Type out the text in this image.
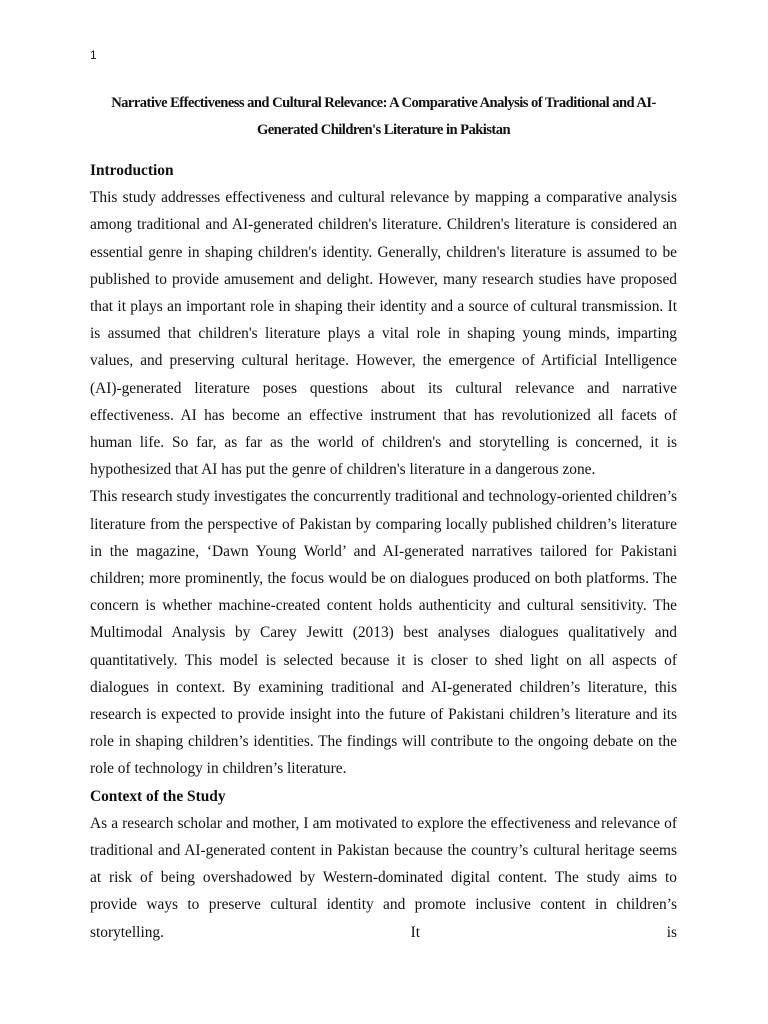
1
Narrative Effectiveness and Cultural Relevance: A Comparative Analysis of Traditional and AI-Generated Children's Literature in Pakistan
Introduction

This study addresses effectiveness and cultural relevance by mapping a comparative analysis among traditional and AI-generated children's literature. Children's literature is considered an essential genre in shaping children's identity. Generally, children's literature is assumed to be published to provide amusement and delight. However, many research studies have proposed that it plays an important role in shaping their identity and a source of cultural transmission. It is assumed that children's literature plays a vital role in shaping young minds, imparting values, and preserving cultural heritage. However, the emergence of Artificial Intelligence (AI)-generated literature poses questions about its cultural relevance and narrative effectiveness. AI has become an effective instrument that has revolutionized all facets of human life. So far, as far as the world of children's and storytelling is concerned, it is hypothesized that AI has put the genre of children's literature in a dangerous zone.

This research study investigates the concurrently traditional and technology-oriented children’s literature from the perspective of Pakistan by comparing locally published children’s literature in the magazine, ‘Dawn Young World’ and AI-generated narratives tailored for Pakistani children; more prominently, the focus would be on dialogues produced on both platforms. The concern is whether machine-created content holds authenticity and cultural sensitivity. The Multimodal Analysis by Carey Jewitt (2013) best analyses dialogues qualitatively and quantitatively. This model is selected because it is closer to shed light on all aspects of dialogues in context. By examining traditional and AI-generated children’s literature, this research is expected to provide insight into the future of Pakistani children’s literature and its role in shaping children’s identities. The findings will contribute to the ongoing debate on the role of technology in children’s literature.

Context of the Study

As a research scholar and mother, I am motivated to explore the effectiveness and relevance of traditional and AI-generated content in Pakistan because the country’s cultural heritage seems at risk of being overshadowed by Western-dominated digital content. The study aims to provide ways to preserve cultural identity and promote inclusive content in children’s storytelling. It is
